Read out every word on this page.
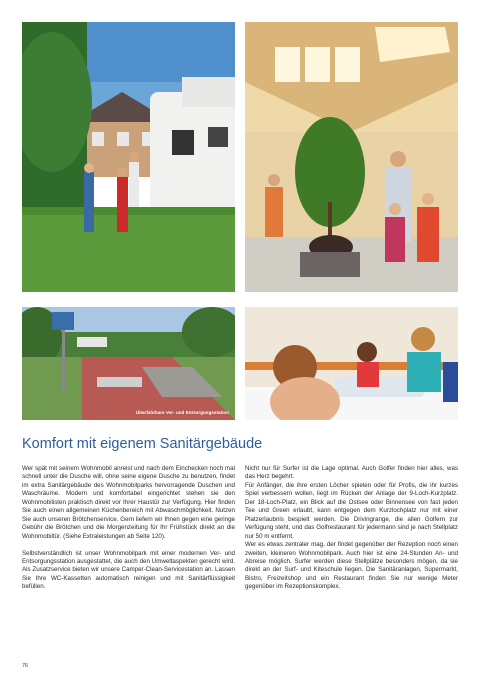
Überfahrbare Ver- und Entsorgungsstation
Komfort mit eigenem Sanitärgebäude

Wer spät mit seinem Wohnmobil anreist und nach dem Einchecken noch mal schnell unter die Dusche will, ohne seine eigene Dusche zu benutzen, findet im extra Sanitärgebäude des Wohnmobilparks hervorragende Duschen und Waschräume. Modern und komfortabel eingerichtet stehen sie den Wohnmobilisten praktisch direkt vor Ihrer Haustür zur Verfügung. Hier finden Sie auch einen allgemeinen Küchenbereich mit Abwaschmöglichkeit. Nutzen Sie auch unseren Brötchenservice. Gern liefern wir Ihnen gegen eine geringe Gebühr die Brötchen und die Morgenzeitung für Ihr Frühstück direkt an die Wohnmobiltür. (Siehe Extraleistungen ab Seite 120).

Selbstverständlich ist unser Wohnmobilpark mit einer modernen Ver- und Entsorgungsstation ausgestattet, die auch den Umweltaspekten gerecht wird. Als Zusatzservice bieten wir unsere Camper-Clean-Servicestation an. Lassen Sie Ihre WC-Kassetten automatisch reinigen und mit Sanitärflüssigkeit befüllen.

Nicht nur für Surfer ist die Lage optimal. Auch Golfer finden hier alles, was das Herz begehrt.

Für Anfänger, die ihre ersten Löcher spielen oder für Profis, die ihr kurzes Spiel verbessern wollen, liegt im Rücken der Anlage der 9-Loch-Kurzplatz. Der 18-Loch-Platz, ein Blick auf die Ostsee oder Binnensee von fast jeden Tee und Green erlaubt, kann entgegen dem Kurzlochplatz nur mit einer Platzerlaubnis bespielt werden. Die Drivingrange, die allen Golfern zur Verfügung steht, und das Golfrestaurant für jedermann sind je nach Stellplatz nur 50 m entfernt.

Wer es etwas zentraler mag, der findet gegenüber der Rezeption noch einen zweiten, kleineren Wohnmobilpark. Auch hier ist eine 24-Stunden An- und Abreise möglich. Surfer werden diese Stellplätze besonders mögen, da sie direkt an der Surf- und Kiteschule liegen. Die Sanitäranlagen, Supermarkt, Bistro, Freizeitshop und ein Restaurant finden Sie nur wenige Meter gegenüber im Rezeptionskomplex.

76
